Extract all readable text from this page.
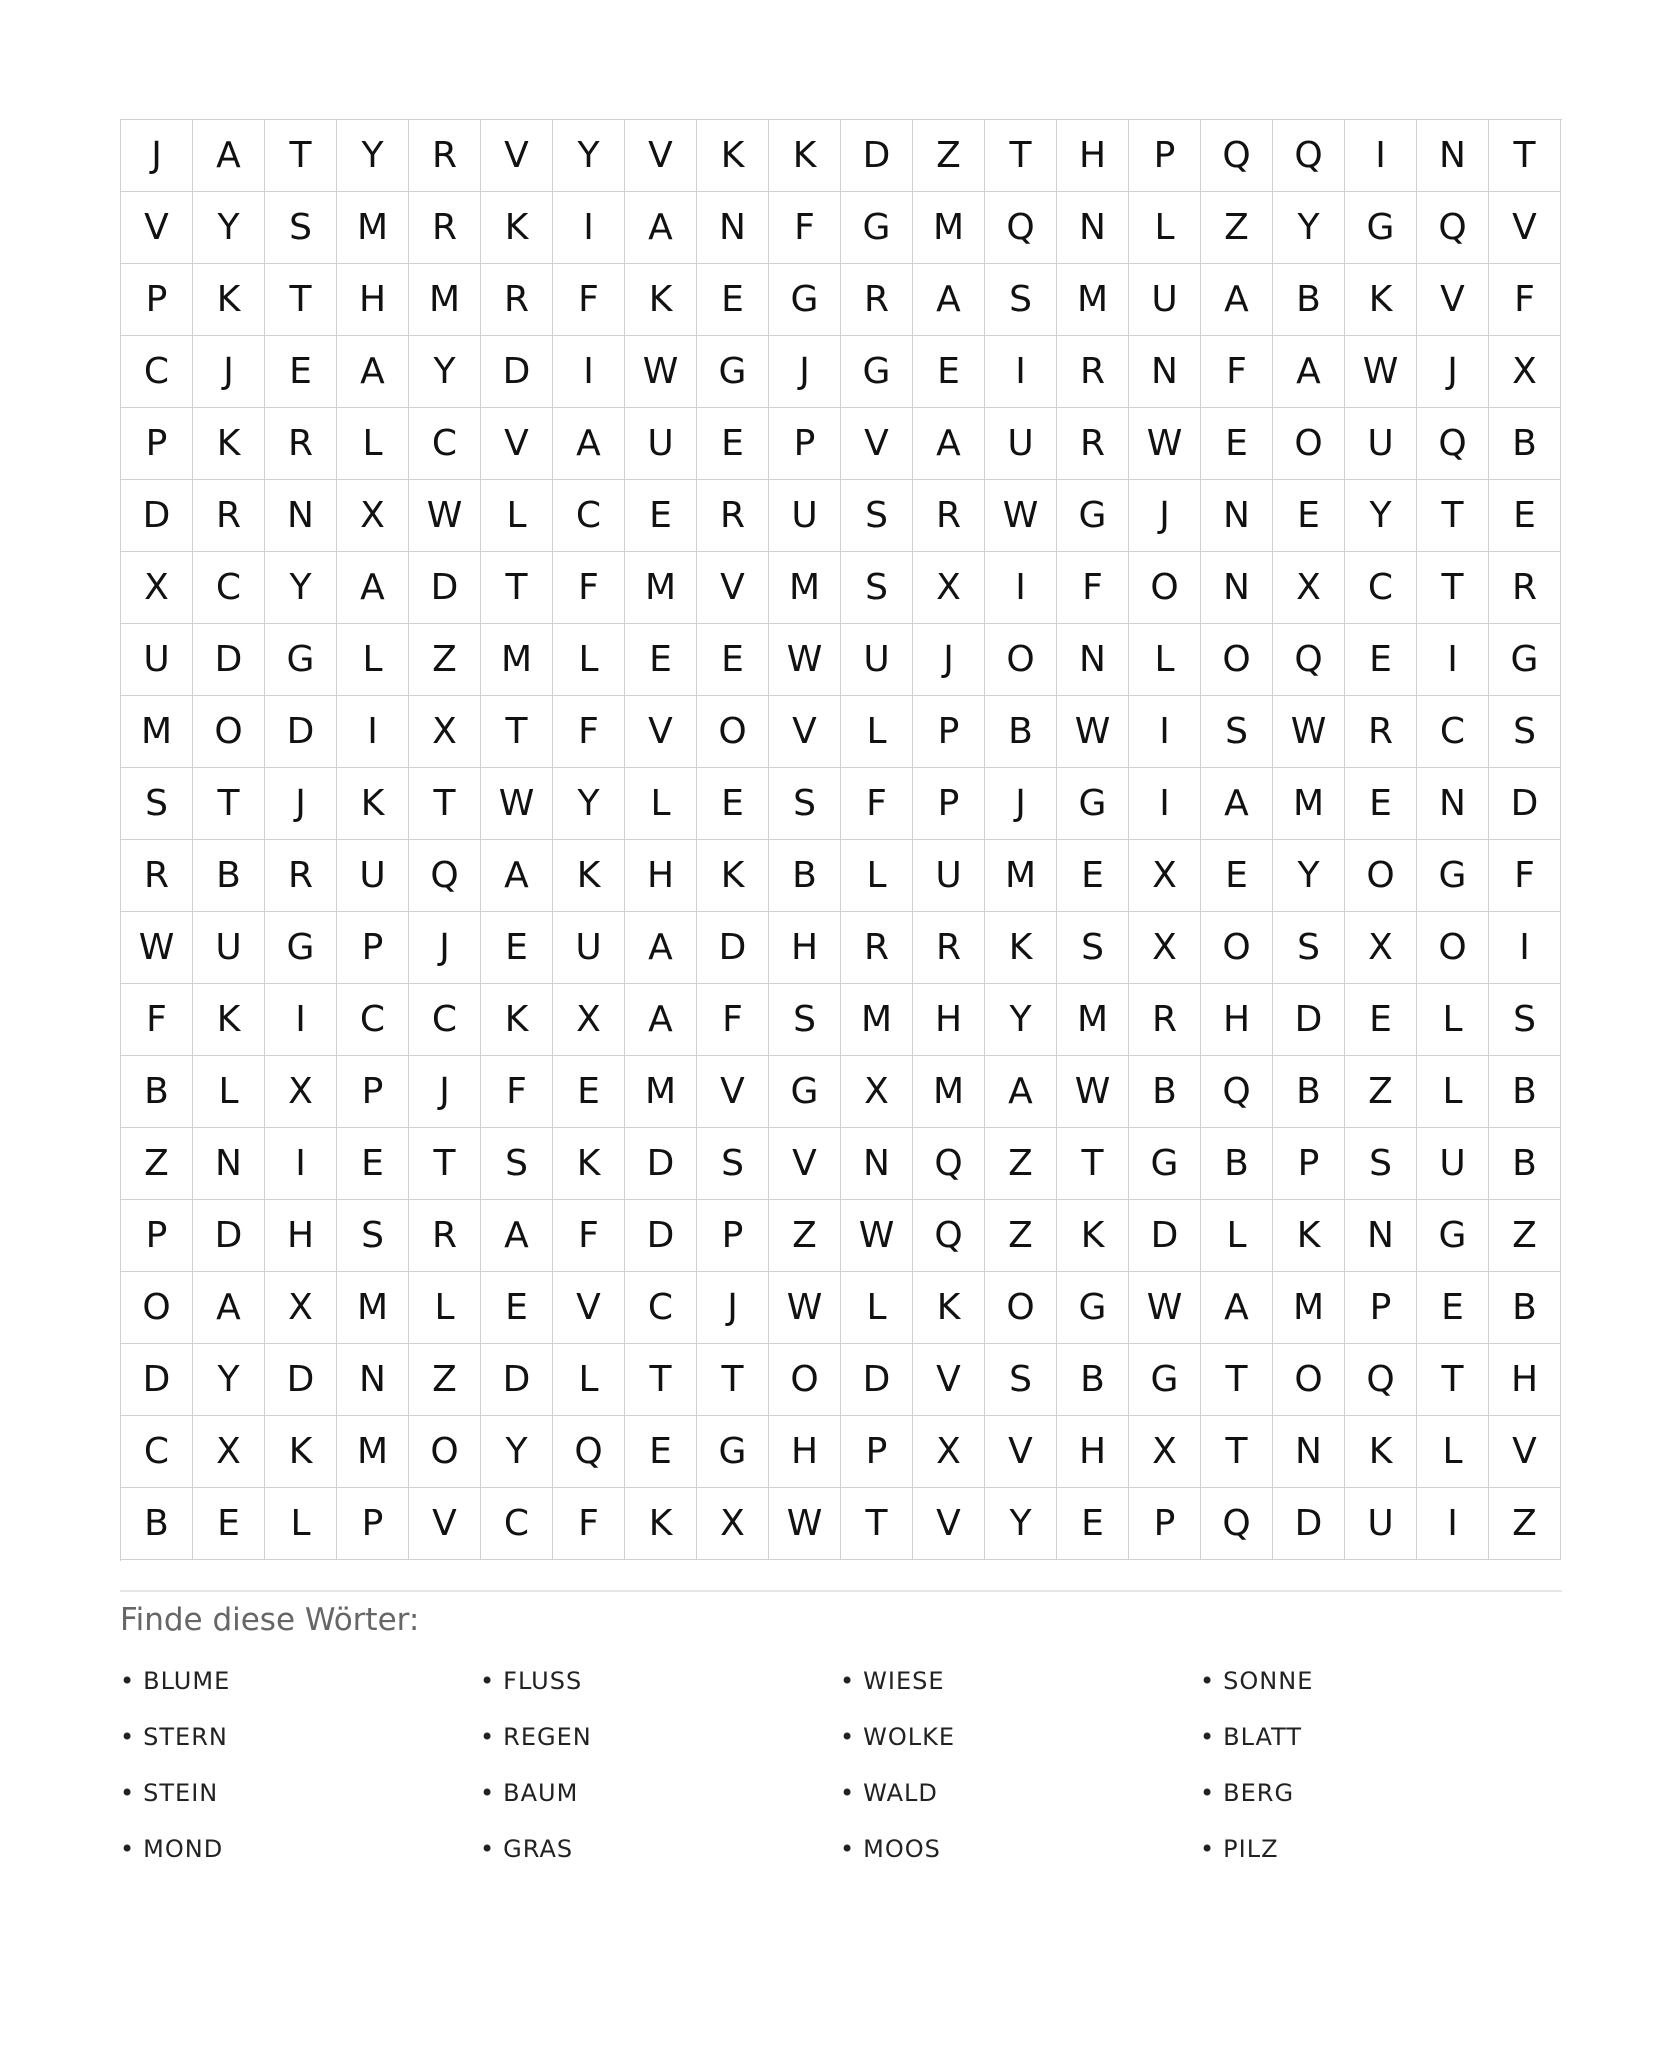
J	A	T	Y	R	V	Y	V	K	K	D	Z	T	H	P	Q	Q	I	N	T
V	Y	S	M	R	K	I	A	N	F	G	M	Q	N	L	Z	Y	G	Q	V
P	K	T	H	M	R	F	K	E	G	R	A	S	M	U	A	B	K	V	F
C	J	E	A	Y	D	I	W	G	J	G	E	I	R	N	F	A	W	J	X
P	K	R	L	C	V	A	U	E	P	V	A	U	R	W	E	O	U	Q	B
D	R	N	X	W	L	C	E	R	U	S	R	W	G	J	N	E	Y	T	E
X	C	Y	A	D	T	F	M	V	M	S	X	I	F	O	N	X	C	T	R
U	D	G	L	Z	M	L	E	E	W	U	J	O	N	L	O	Q	E	I	G
M	O	D	I	X	T	F	V	O	V	L	P	B	W	I	S	W	R	C	S
S	T	J	K	T	W	Y	L	E	S	F	P	J	G	I	A	M	E	N	D
R	B	R	U	Q	A	K	H	K	B	L	U	M	E	X	E	Y	O	G	F
W	U	G	P	J	E	U	A	D	H	R	R	K	S	X	O	S	X	O	I
F	K	I	C	C	K	X	A	F	S	M	H	Y	M	R	H	D	E	L	S
B	L	X	P	J	F	E	M	V	G	X	M	A	W	B	Q	B	Z	L	B
Z	N	I	E	T	S	K	D	S	V	N	Q	Z	T	G	B	P	S	U	B
P	D	H	S	R	A	F	D	P	Z	W	Q	Z	K	D	L	K	N	G	Z
O	A	X	M	L	E	V	C	J	W	L	K	O	G	W	A	M	P	E	B
D	Y	D	N	Z	D	L	T	T	O	D	V	S	B	G	T	O	Q	T	H
C	X	K	M	O	Y	Q	E	G	H	P	X	V	H	X	T	N	K	L	V
B	E	L	P	V	C	F	K	X	W	T	V	Y	E	P	Q	D	U	I	Z
Finde diese Wörter:
• BLUME	• FLUSS	• WIESE	• SONNE
• STERN	• REGEN	• WOLKE	• BLATT
• STEIN	• BAUM	• WALD	• BERG
• MOND	• GRAS	• MOOS	• PILZ
